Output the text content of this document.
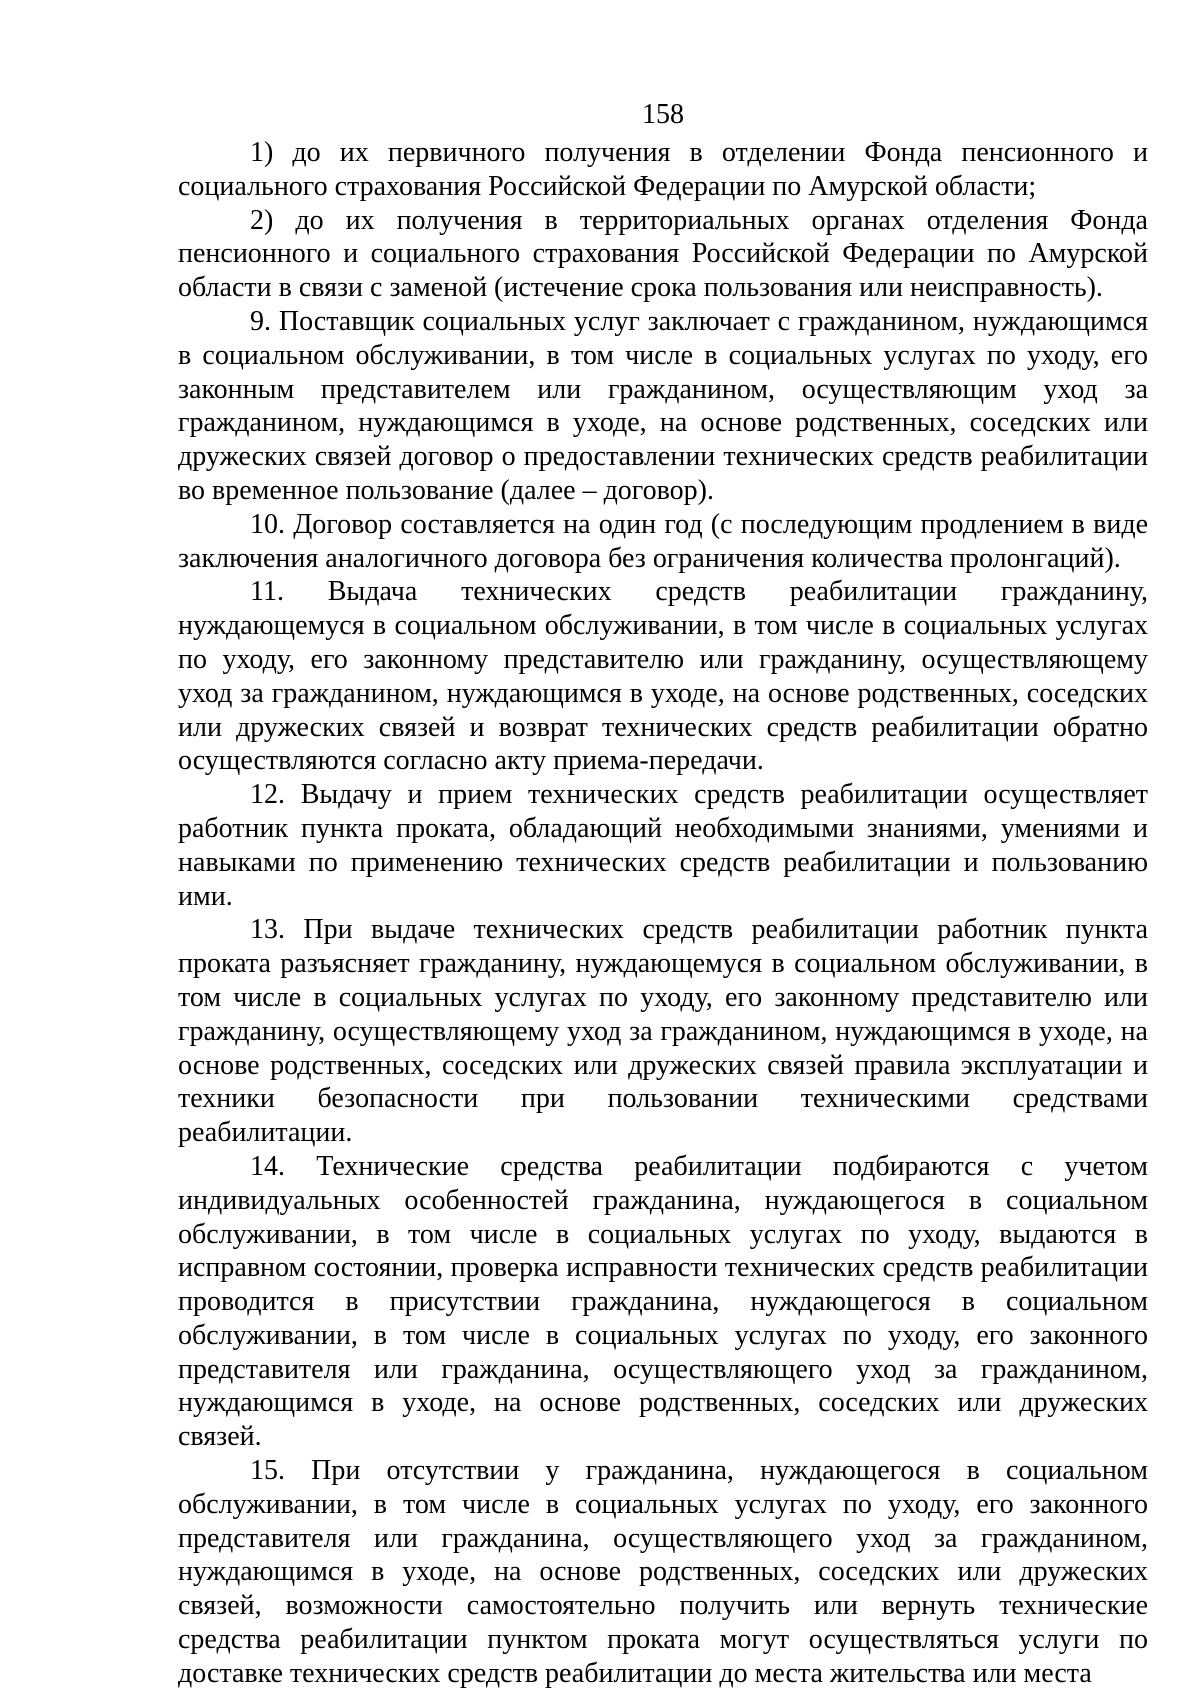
158

1) до их первичного получения в отделении Фонда пенсионного и социального страхования Российской Федерации по Амурской области;

2) до их получения в территориальных органах отделения Фонда пенсионного и социального страхования Российской Федерации по Амурской области в связи с заменой (истечение срока пользования или неисправность).

9. Поставщик социальных услуг заключает с гражданином, нуждающимся в социальном обслуживании, в том числе в социальных услугах по уходу, его законным представителем или гражданином, осуществляющим уход за гражданином, нуждающимся в уходе, на основе родственных, соседских или дружеских связей договор о предоставлении технических средств реабилитации во временное пользование (далее – договор).

10. Договор составляется на один год (с последующим продлением в виде заключения аналогичного договора без ограничения количества пролонгаций).

11. Выдача технических средств реабилитации гражданину, нуждающемуся в социальном обслуживании, в том числе в социальных услугах по уходу, его законному представителю или гражданину, осуществляющему уход за гражданином, нуждающимся в уходе, на основе родственных, соседских или дружеских связей и возврат технических средств реабилитации обратно осуществляются согласно акту приема-передачи.

12. Выдачу и прием технических средств реабилитации осуществляет работник пункта проката, обладающий необходимыми знаниями, умениями и навыками по применению технических средств реабилитации и пользованию ими.

13. При выдаче технических средств реабилитации работник пункта проката разъясняет гражданину, нуждающемуся в социальном обслуживании, в том числе в социальных услугах по уходу, его законному представителю или гражданину, осуществляющему уход за гражданином, нуждающимся в уходе, на основе родственных, соседских или дружеских связей правила эксплуатации и техники безопасности при пользовании техническими средствами реабилитации.

14. Технические средства реабилитации подбираются с учетом индивидуальных особенностей гражданина, нуждающегося в социальном обслуживании, в том числе в социальных услугах по уходу, выдаются в исправном состоянии, проверка исправности технических средств реабилитации проводится в присутствии гражданина, нуждающегося в социальном обслуживании, в том числе в социальных услугах по уходу, его законного представителя или гражданина, осуществляющего уход за гражданином, нуждающимся в уходе, на основе родственных, соседских или дружеских связей.

15. При отсутствии у гражданина, нуждающегося в социальном обслуживании, в том числе в социальных услугах по уходу, его законного представителя или гражданина, осуществляющего уход за гражданином, нуждающимся в уходе, на основе родственных, соседских или дружеских связей, возможности самостоятельно получить или вернуть технические средства реабилитации пунктом проката могут осуществляться услуги по доставке технических средств реабилитации до места жительства или места
